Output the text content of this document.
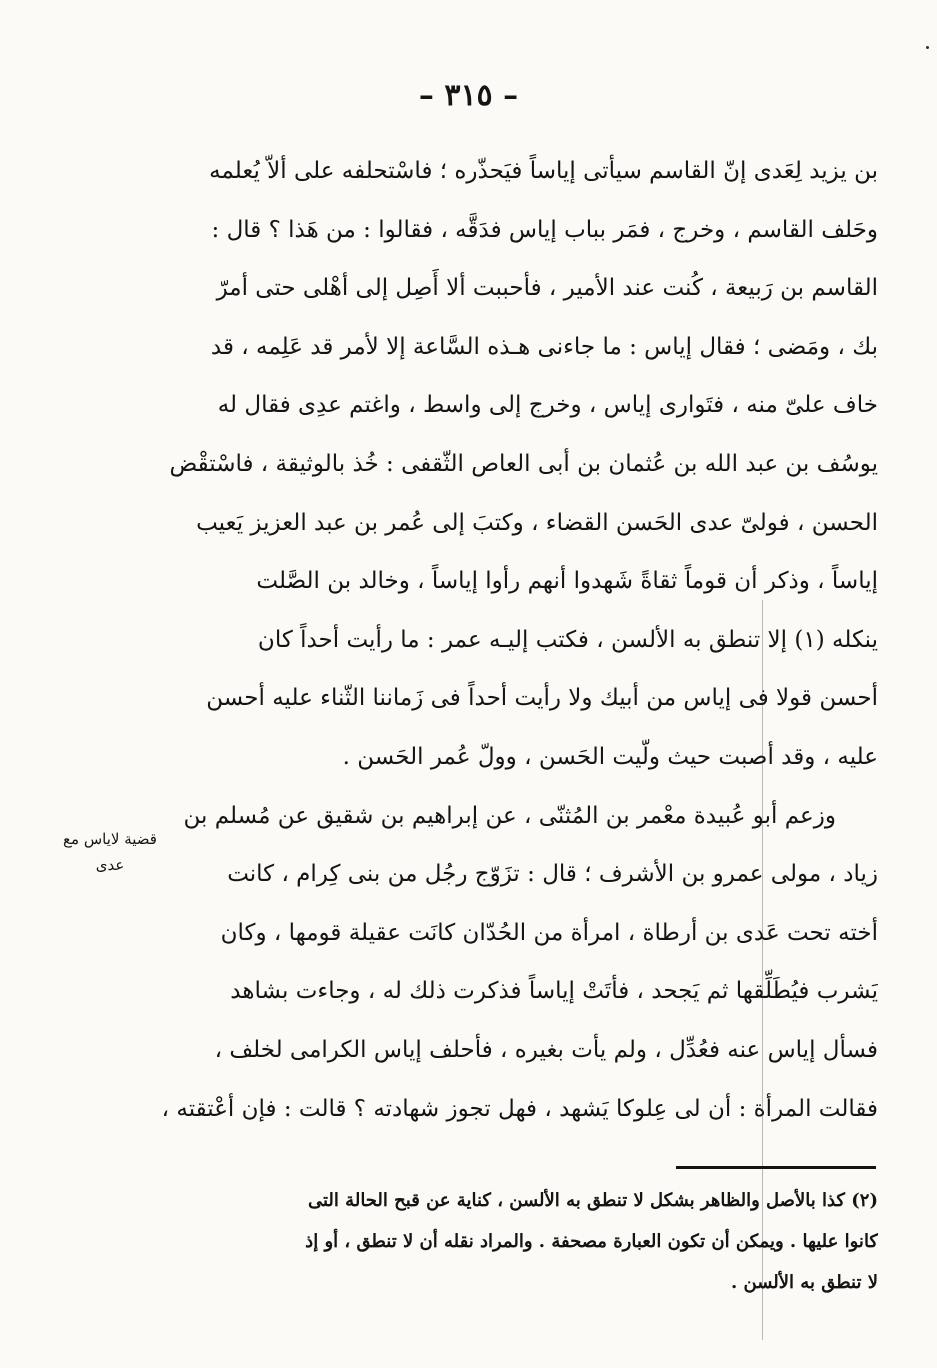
– ٣١٥ –
بن يزيد لِعَدى إنّ القاسم سيأتى إياساً فيَحذّره ؛ فاسْتحلفه على ألاّ يُعلمه
وحَلف القاسم ، وخرج ، فمَر بباب إياس فدَقَّه ، فقالوا : من هَذا ؟ قال :
القاسم بن رَبيعة ، كُنت عند الأمير ، فأحببت ألا أَصِل إلى أهْلى حتى أمرّ
بك ، ومَضى ؛ فقال إياس : ما جاءنى هـذه السَّاعة إلا لأمر قد عَلِمه ، قد
خاف علىّ منه ، فتَوارى إياس ، وخرج إلى واسط ، واغتم عدِى فقال له
يوسُف بن عبد الله بن عُثمان بن أبى العاص الثّقفى : خُذ بالوثيقة ، فاسْتقْض
الحسن ، فولىّ عدى الحَسن القضاء ، وكتبَ إلى عُمر بن عبد العزيز يَعيب
إياساً ، وذكر أن قوماً ثقاةً شَهدوا أنهم رأوا إياساً ، وخالد بن الصَّلت
ينكله (١) إلا تنطق به الألسن ، فكتب إليـه عمر : ما رأيت أحداً كان
أحسن قولا فى إياس من أبيك ولا رأيت أحداً فى زَماننا الثّناء عليه أحسن
عليه ، وقد أصبت حيث ولّيت الحَسن ، وولّ عُمر الحَسن .
وزعم أبو عُبيدة معْمر بن المُثنّى ، عن إبراهيم بن شقيق عن مُسلم بن
زياد ، مولى عمرو بن الأشرف ؛ قال : تزَوّج رجُل من بنى كِرام ، كانت
أخته تحت عَدى بن أرطاة ، امرأة من الحُدّان كانَت عقيلة قومها ، وكان
يَشرب فيُطَلِّقها ثم يَجحد ، فأتَتْ إياساً فذكرت ذلك له ، وجاءت بشاهد
فسأل إياس عنه فعُدِّل ، ولم يأت بغيره ، فأحلف إياس الكرامى لخلف ،
فقالت المرأة : أن لى عِلوكا يَشهد ، فهل تجوز شهادته ؟ قالت : فإن أعْتقته ،
قضية لاياس مع
عدى
(٢) كذا بالأصل والظاهر بشكل لا تنطق به الألسن ، كناية عن قبح الحالة التى
كانوا عليها . ويمكن أن تكون العبارة مصحفة . والمراد نقله أن لا تنطق ، أو إذ
لا تنطق به الألسن .
